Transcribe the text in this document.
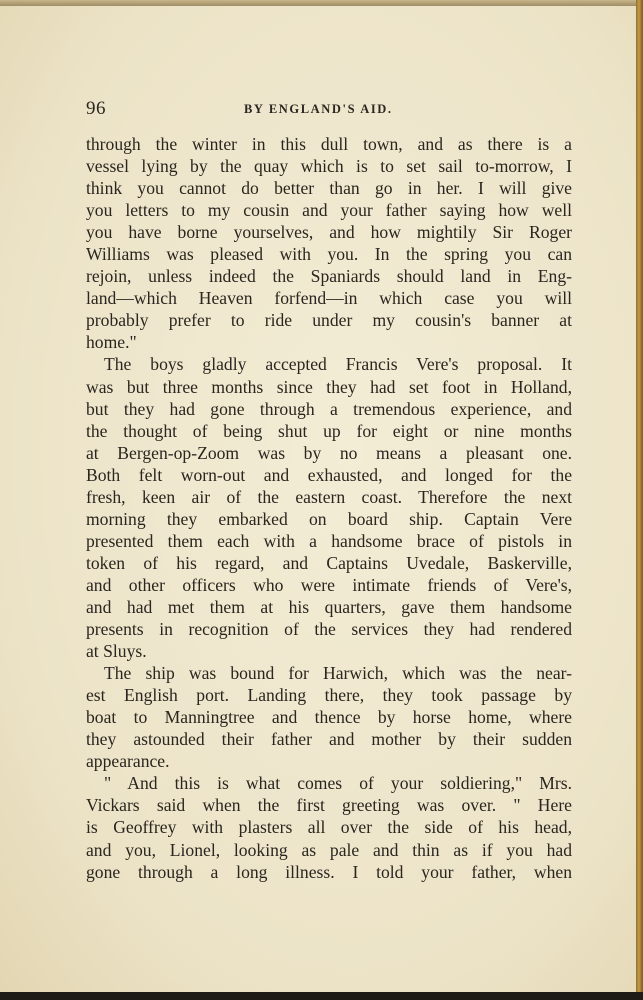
96	BY ENGLAND'S AID.
through the winter in this dull town, and as there is a
vessel lying by the quay which is to set sail to-morrow, I
think you cannot do better than go in her. I will give
you letters to my cousin and your father saying how well
you have borne yourselves, and how mightily Sir Roger
Williams was pleased with you. In the spring you can
rejoin, unless indeed the Spaniards should land in Eng-
land—which Heaven forfend—in which case you will
probably prefer to ride under my cousin's banner at
home."
The boys gladly accepted Francis Vere's proposal. It
was but three months since they had set foot in Holland,
but they had gone through a tremendous experience, and
the thought of being shut up for eight or nine months
at Bergen-op-Zoom was by no means a pleasant one.
Both felt worn-out and exhausted, and longed for the
fresh, keen air of the eastern coast. Therefore the next
morning they embarked on board ship. Captain Vere
presented them each with a handsome brace of pistols in
token of his regard, and Captains Uvedale, Baskerville,
and other officers who were intimate friends of Vere's,
and had met them at his quarters, gave them handsome
presents in recognition of the services they had rendered
at Sluys.
The ship was bound for Harwich, which was the near-
est English port. Landing there, they took passage by
boat to Manningtree and thence by horse home, where
they astounded their father and mother by their sudden
appearance.
" And this is what comes of your soldiering," Mrs.
Vickars said when the first greeting was over. " Here
is Geoffrey with plasters all over the side of his head,
and you, Lionel, looking as pale and thin as if you had
gone through a long illness. I told your father, when
